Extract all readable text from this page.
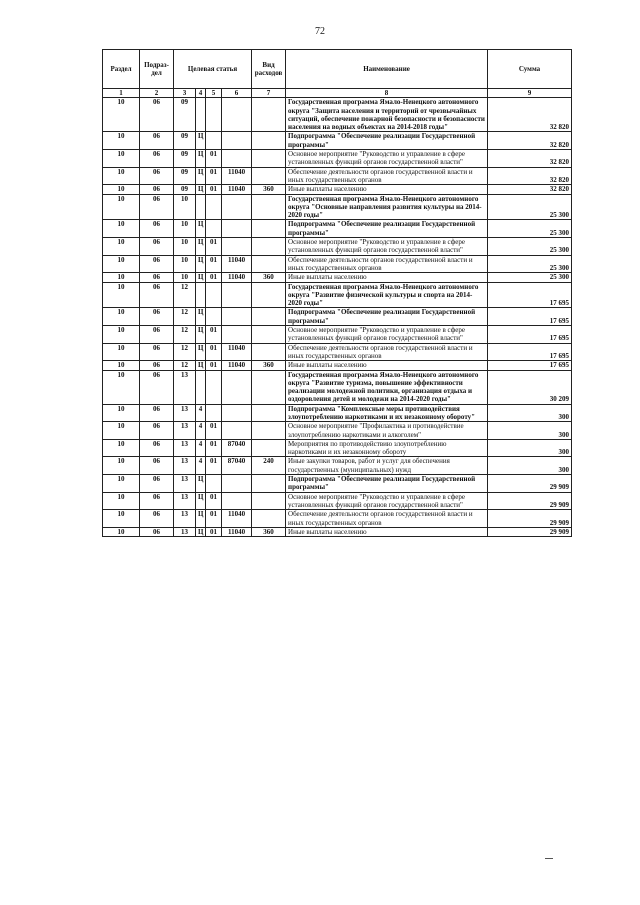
72
Раздел	Подраз-дел	Целевая статья				Вид расходов	Наименование	Сумма
1	2	3	4	5	6	7	8	9
10	06	09					Государственная программа Ямало-Ненецкого автономного округа "Защита населения и территорий от чрезвычайных ситуаций, обеспечение пожарной безопасности и безопасности населения на водных объектах на 2014-2018 годы"	32 820
10	06	09	Ц				Подпрограмма "Обеспечение реализации Государственной программы"	32 820
10	06	09	Ц	01			Основное мероприятие "Руководство и управление в сфере установленных функций органов государственной власти"	32 820
10	06	09	Ц	01	11040		Обеспечение деятельности органов государственной власти и иных государственных органов	32 820
10	06	09	Ц	01	11040	360	Иные выплаты населению	32 820
10	06	10					Государственная программа Ямало-Ненецкого автономного округа "Основные направления развития культуры на 2014-2020 годы"	25 300
10	06	10	Ц				Подпрограмма "Обеспечение реализации Государственной программы"	25 300
10	06	10	Ц	01			Основное мероприятие "Руководство и управление в сфере установленных функций органов государственной власти"	25 300
10	06	10	Ц	01	11040		Обеспечение деятельности органов государственной власти и иных государственных органов	25 300
10	06	10	Ц	01	11040	360	Иные выплаты населению	25 300
10	06	12					Государственная программа Ямало-Ненецкого автономного округа "Развитие физической культуры и спорта на 2014-2020 годы"	17 695
10	06	12	Ц				Подпрограмма "Обеспечение реализации Государственной программы"	17 695
10	06	12	Ц	01			Основное мероприятие "Руководство и управление в сфере установленных функций органов государственной власти"	17 695
10	06	12	Ц	01	11040		Обеспечение деятельности органов государственной власти и иных государственных органов	17 695
10	06	12	Ц	01	11040	360	Иные выплаты населению	17 695
10	06	13					Государственная программа Ямало-Ненецкого автономного округа "Развитие туризма, повышение эффективности реализации молодежной политики, организация отдыха и оздоровления детей и молодежи на 2014-2020 годы"	30 209
10	06	13	4				Подпрограмма "Комплексные меры противодействия злоупотреблению наркотиками и их незаконному обороту"	300
10	06	13	4	01			Основное мероприятие "Профилактика и противодействие злоупотреблению наркотиками и алкоголем"	300
10	06	13	4	01	87040		Мероприятия по противодействию злоупотреблению наркотиками и их незаконному обороту	300
10	06	13	4	01	87040	240	Иные закупки товаров, работ и услуг для обеспечения государственных (муниципальных) нужд	300
10	06	13	Ц				Подпрограмма "Обеспечение реализации Государственной программы"	29 909
10	06	13	Ц	01			Основное мероприятие "Руководство и управление в сфере установленных функций органов государственной власти"	29 909
10	06	13	Ц	01	11040		Обеспечение деятельности органов государственной власти и иных государственных органов	29 909
10	06	13	Ц	01	11040	360	Иные выплаты населению	29 909
